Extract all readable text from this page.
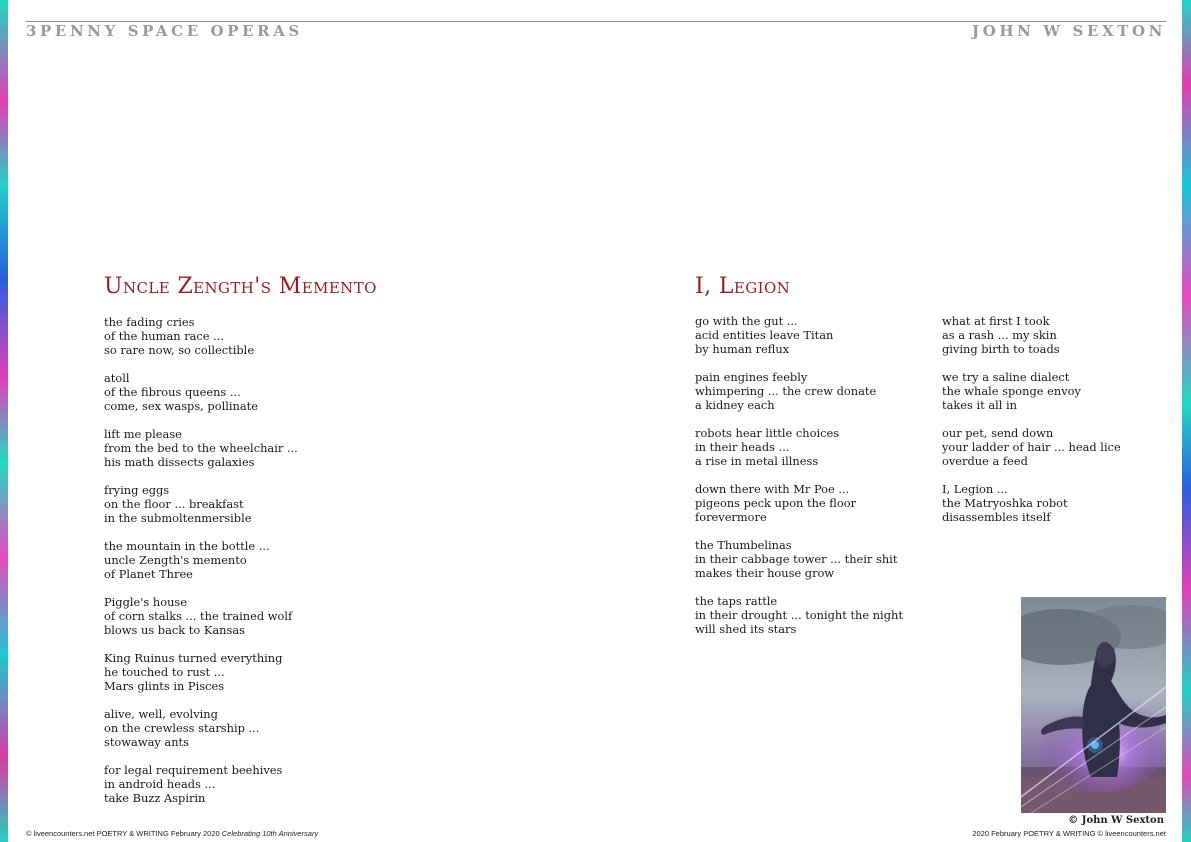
3PENNY SPACE OPERAS	JOHN W SEXTON
Uncle Zength's Memento
the fading cries
of the human race ...
so rare now, so collectible
atoll
of the fibrous queens ...
come, sex wasps, pollinate
lift me please
from the bed to the wheelchair ...
his math dissects galaxies
frying eggs
on the floor ... breakfast
in the submoltenmersible
the mountain in the bottle ...
uncle Zength's memento
of Planet Three
Piggle's house
of corn stalks ... the trained wolf
blows us back to Kansas
King Ruinus turned everything
he touched to rust ...
Mars glints in Pisces
alive, well, evolving
on the crewless starship ...
stowaway ants
for legal requirement beehives
in android heads ...
take Buzz Aspirin
I, Legion
go with the gut ...
acid entities leave Titan
by human reflux
pain engines feebly
whimpering ... the crew donate
a kidney each
robots hear little choices
in their heads ...
a rise in metal illness
down there with Mr Poe ...
pigeons peck upon the floor
forevermore
the Thumbelinas
in their cabbage tower ... their shit
makes their house grow
the taps rattle
in their drought ... tonight the night
will shed its stars
what at first I took
as a rash ... my skin
giving birth to toads
we try a saline dialect
the whale sponge envoy
takes it all in
our pet, send down
your ladder of hair ... head lice
overdue a feed
I, Legion ...
the Matryoshka robot
disassembles itself
© John W Sexton
© liveencounters.net POETRY & WRITING February 2020 Celebrating 10th Anniversary	2020 February POETRY & WRITING © liveencounters.net
